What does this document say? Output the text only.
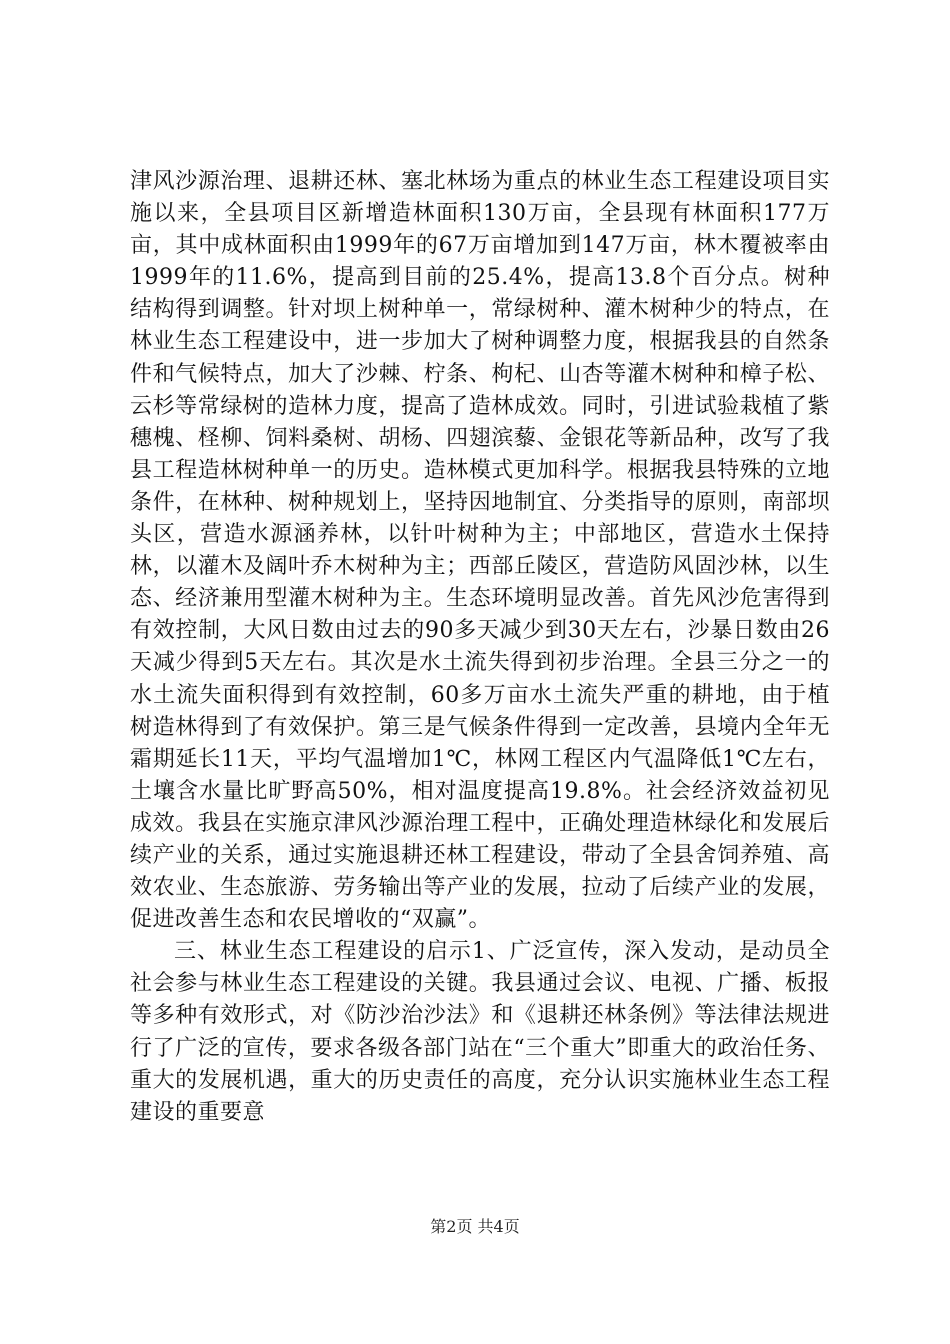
津风沙源治理、退耕还林、塞北林场为重点的林业生态工程建设项目实施以来，全县项目区新增造林面积130万亩，全县现有林面积177万亩，其中成林面积由1999年的67万亩增加到147万亩，林木覆被率由1999年的11.6%，提高到目前的25.4%，提高13.8个百分点。树种结构得到调整。针对坝上树种单一，常绿树种、灌木树种少的特点，在林业生态工程建设中，进一步加大了树种调整力度，根据我县的自然条件和气候特点，加大了沙棘、柠条、枸杞、山杏等灌木树种和樟子松、云杉等常绿树的造林力度，提高了造林成效。同时，引进试验栽植了紫穗槐、柽柳、饲料桑树、胡杨、四翅滨藜、金银花等新品种，改写了我县工程造林树种单一的历史。造林模式更加科学。根据我县特殊的立地条件，在林种、树种规划上，坚持因地制宜、分类指导的原则，南部坝头区，营造水源涵养林，以针叶树种为主；中部地区，营造水土保持林，以灌木及阔叶乔木树种为主；西部丘陵区，营造防风固沙林，以生态、经济兼用型灌木树种为主。生态环境明显改善。首先风沙危害得到有效控制，大风日数由过去的90多天减少到30天左右，沙暴日数由26天减少得到5天左右。其次是水土流失得到初步治理。全县三分之一的水土流失面积得到有效控制，60多万亩水土流失严重的耕地，由于植树造林得到了有效保护。第三是气候条件得到一定改善，县境内全年无霜期延长11天，平均气温增加1℃，林网工程区内气温降低1℃左右，土壤含水量比旷野高50%，相对温度提高19.8%。社会经济效益初见成效。我县在实施京津风沙源治理工程中，正确处理造林绿化和发展后续产业的关系，通过实施退耕还林工程建设，带动了全县舍饲养殖、高效农业、生态旅游、劳务输出等产业的发展，拉动了后续产业的发展，促进改善生态和农民增收的“双赢”。

三、林业生态工程建设的启示1、广泛宣传，深入发动，是动员全社会参与林业生态工程建设的关键。我县通过会议、电视、广播、板报等多种有效形式，对《防沙治沙法》和《退耕还林条例》等法律法规进行了广泛的宣传，要求各级各部门站在“三个重大”即重大的政治任务、重大的发展机遇，重大的历史责任的高度，充分认识实施林业生态工程建设的重要意

第2页 共4页
